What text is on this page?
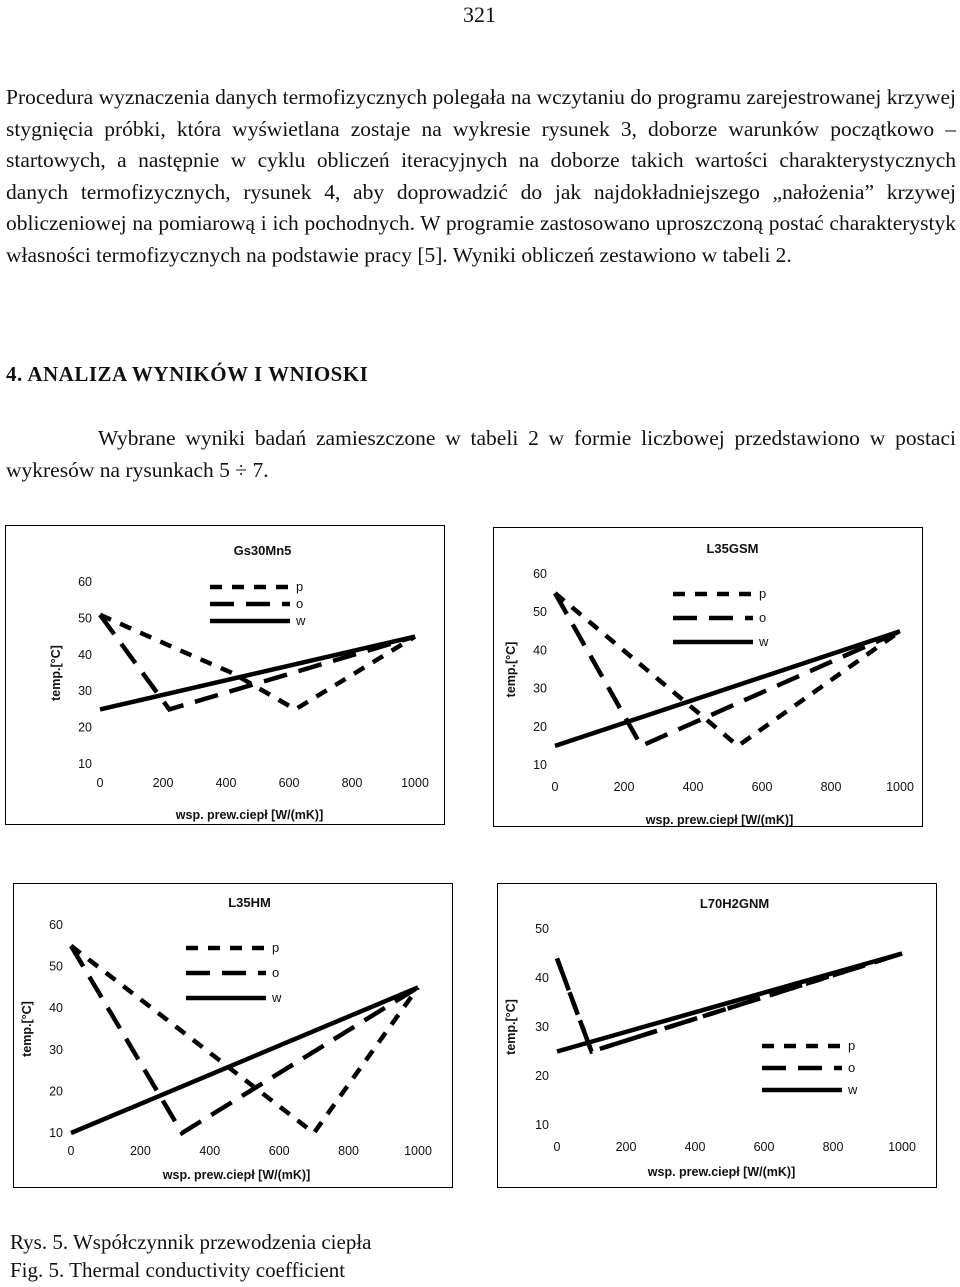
321

Procedura wyznaczenia danych termofizycznych polegała na wczytaniu do programu zarejestrowanej krzywej stygnięcia próbki, która wyświetlana zostaje na wykresie rysunek 3, doborze warunków początkowo – startowych, a następnie w cyklu obliczeń iteracyjnych na doborze takich wartości charakterystycznych danych termofizycznych, rysunek 4, aby doprowadzić do jak najdokładniejszego „nałożenia” krzywej obliczeniowej na pomiarową i ich pochodnych. W programie zastosowano uproszczoną postać charakterystyk własności termofizycznych na podstawie pracy [5]. Wyniki obliczeń zestawiono w tabeli 2.

4. ANALIZA WYNIKÓW I WNIOSKI

Wybrane wyniki badań zamieszczone w tabeli 2 w formie liczbowej przedstawiono w postaci wykresów na rysunkach 5 ÷ 7.

Gs30Mn5
10
20
30
40
50
60
0	200	400	600	800	1000
wsp. prew.ciepł [W/(mK)]
temp.[°C]
p
o
w
L35GSM
10
20
30
40
50
60
0	200	400	600	800	1000
wsp. prew.ciepł [W/(mK)]
temp.[°C]
p
o
w
L35HM
10
20
30
40
50
60
0	200	400	600	800	1000
wsp. prew.ciepł [W/(mK)]
temp.[°C]
p
o
w
L70H2GNM
10
20
30
40
50
0	200	400	600	800	1000
wsp. prew.ciepł [W/(mK)]
temp.[°C]	p
o
w
Rys. 5. Współczynnik przewodzenia ciepła
Fig. 5. Thermal conductivity coefficient
